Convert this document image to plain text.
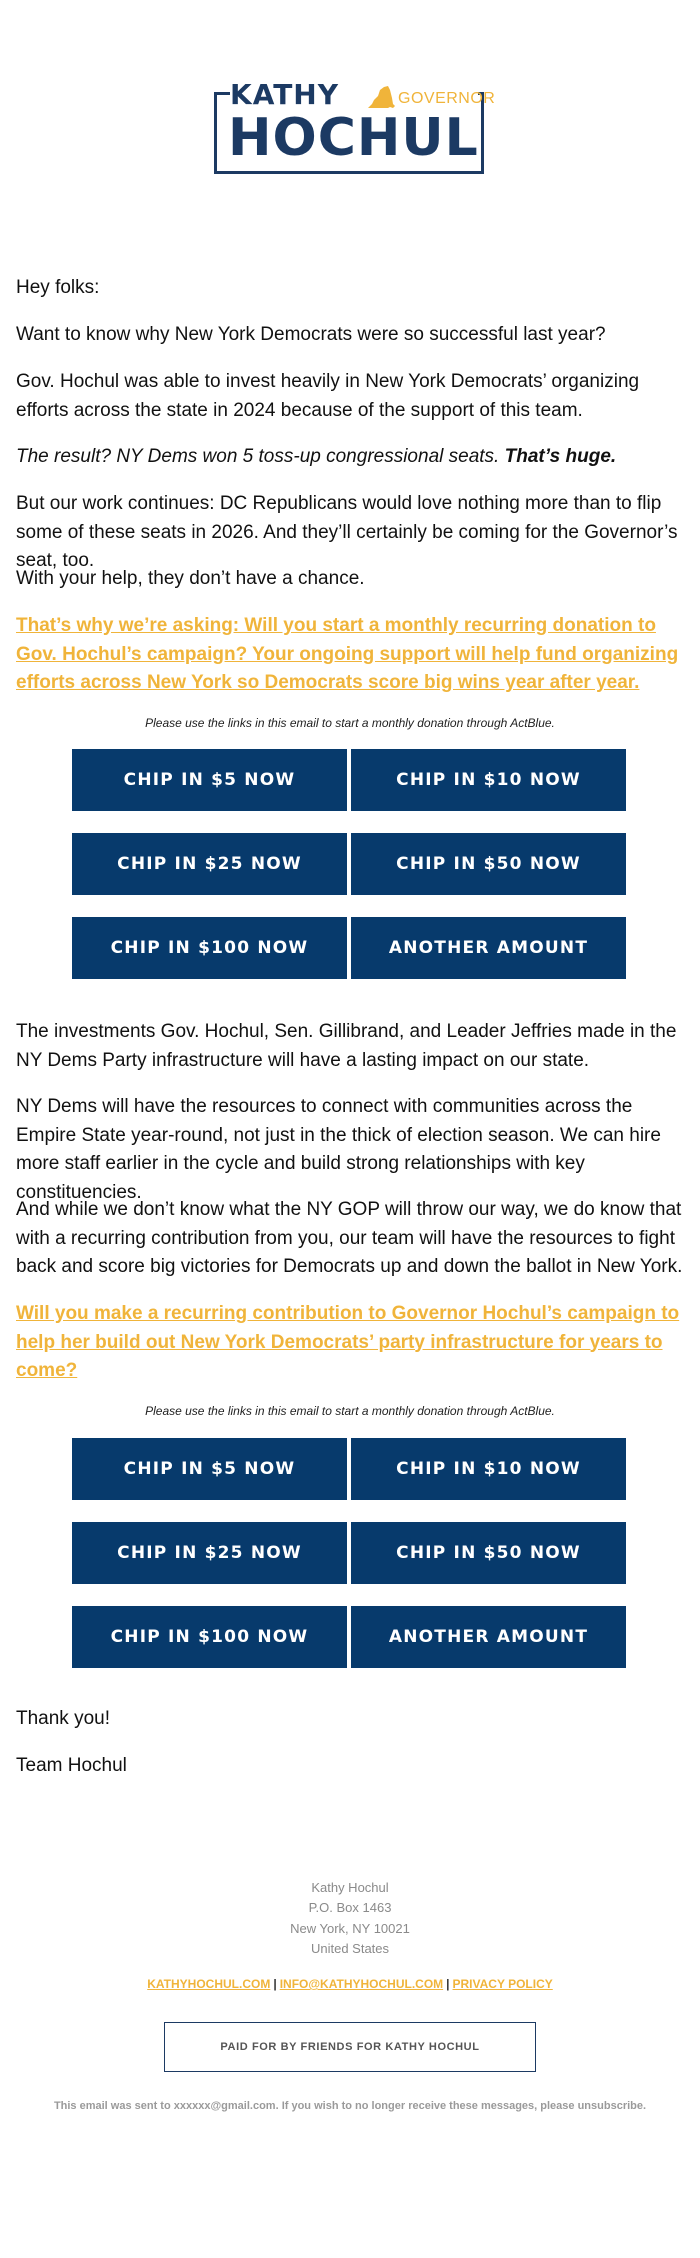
KATHY	GOVERNOR
HOCHUL

Hey folks:

Want to know why New York Democrats were so successful last year?

Gov. Hochul was able to invest heavily in New York Democrats’ organizing efforts across the state in 2024 because of the support of this team.

The result? NY Dems won 5 toss-up congressional seats. That’s huge.

But our work continues: DC Republicans would love nothing more than to flip some of these seats in 2026. And they’ll certainly be coming for the Governor’s seat, too.

With your help, they don’t have a chance.

That’s why we’re asking: Will you start a monthly recurring donation to Gov. Hochul’s campaign? Your ongoing support will help fund organizing efforts across New York so Democrats score big wins year after year.

Please use the links in this email to start a monthly donation through ActBlue.

CHIP IN $5 NOW	CHIP IN $10 NOW
CHIP IN $25 NOW	CHIP IN $50 NOW
CHIP IN $100 NOW	ANOTHER AMOUNT

The investments Gov. Hochul, Sen. Gillibrand, and Leader Jeffries made in the NY Dems Party infrastructure will have a lasting impact on our state.

NY Dems will have the resources to connect with communities across the Empire State year-round, not just in the thick of election season. We can hire more staff earlier in the cycle and build strong relationships with key constituencies.

And while we don’t know what the NY GOP will throw our way, we do know that with a recurring contribution from you, our team will have the resources to fight back and score big victories for Democrats up and down the ballot in New York.

Will you make a recurring contribution to Governor Hochul’s campaign to help her build out New York Democrats’ party infrastructure for years to come?

Please use the links in this email to start a monthly donation through ActBlue.

CHIP IN $5 NOW	CHIP IN $10 NOW
CHIP IN $25 NOW	CHIP IN $50 NOW
CHIP IN $100 NOW	ANOTHER AMOUNT

Thank you!

Team Hochul

Kathy Hochul

P.O. Box 1463

New York, NY 10021

United States

KATHYHOCHUL.COM | INFO@KATHYHOCHUL.COM | PRIVACY POLICY

PAID FOR BY FRIENDS FOR KATHY HOCHUL

This email was sent to xxxxxx@gmail.com. If you wish to no longer receive these messages, please unsubscribe.
